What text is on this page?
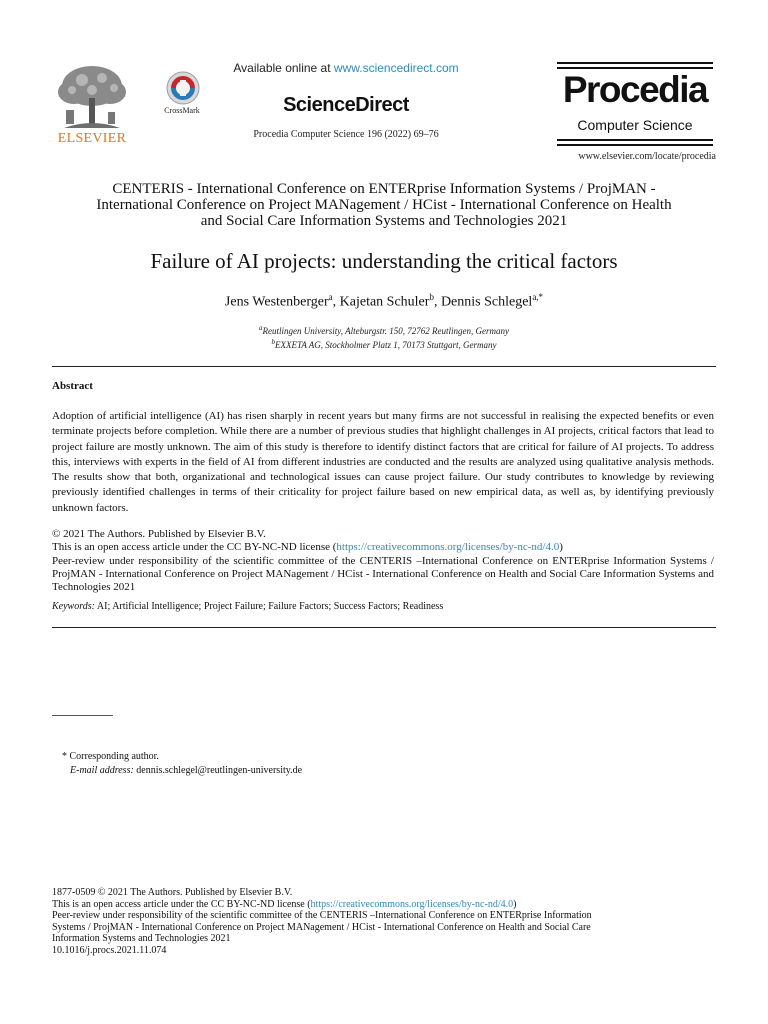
ELSEVIER
CrossMark
Available online at www.sciencedirect.com
ScienceDirect
Procedia Computer Science 196 (2022) 69–76
Procedia
Computer Science
www.elsevier.com/locate/procedia
CENTERIS - International Conference on ENTERprise Information Systems / ProjMAN -
International Conference on Project MANagement / HCist - International Conference on Health
and Social Care Information Systems and Technologies 2021
Failure of AI projects: understanding the critical factors
Jens Westenberger$^a$, Kajetan Schuler$^b$, Dennis Schlegel$^{a,*}$
$^a$Reutlingen University, Alteburgstr. 150, 72762 Reutlingen, Germany
$^b$EXXETA AG, Stockholmer Platz 1, 70173 Stuttgart, Germany
Abstract
Adoption of artificial intelligence (AI) has risen sharply in recent years but many firms are not successful in realising the expected benefits or even terminate projects before completion. While there are a number of previous studies that highlight challenges in AI projects, critical factors that lead to project failure are mostly unknown. The aim of this study is therefore to identify distinct factors that are critical for failure of AI projects. To address this, interviews with experts in the field of AI from different industries are conducted and the results are analyzed using qualitative analysis methods. The results show that both, organizational and technological issues can cause project failure. Our study contributes to knowledge by reviewing previously identified challenges in terms of their criticality for project failure based on new empirical data, as well as, by identifying previously unknown factors.
© 2021 The Authors. Published by Elsevier B.V.
This is an open access article under the CC BY-NC-ND license (https://creativecommons.org/licenses/by-nc-nd/4.0)
Peer-review under responsibility of the scientific committee of the CENTERIS –International Conference on ENTERprise Information Systems / ProjMAN - International Conference on Project MANagement / HCist - International Conference on Health and Social Care Information Systems and Technologies 2021
Keywords: AI; Artificial Intelligence; Project Failure; Failure Factors; Success Factors; Readiness
* Corresponding author.
E-mail address: dennis.schlegel@reutlingen-university.de
1877-0509 © 2021 The Authors. Published by Elsevier B.V.
This is an open access article under the CC BY-NC-ND license (https://creativecommons.org/licenses/by-nc-nd/4.0)
Peer-review under responsibility of the scientific committee of the CENTERIS –International Conference on ENTERprise Information
Systems / ProjMAN - International Conference on Project MANagement / HCist - International Conference on Health and Social Care
Information Systems and Technologies 2021
10.1016/j.procs.2021.11.074
